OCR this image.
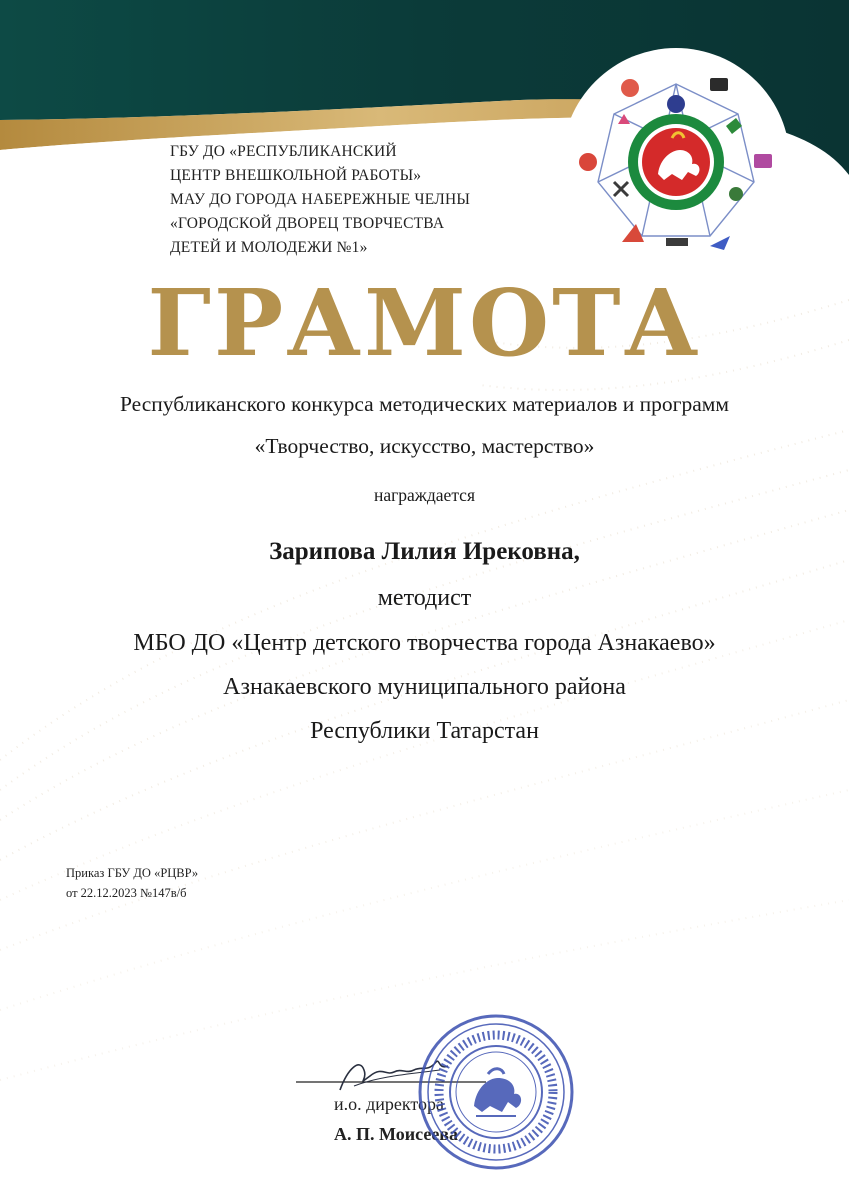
ГБУ ДО «РЕСПУБЛИКАНСКИЙ
ЦЕНТР ВНЕШКОЛЬНОЙ РАБОТЫ»
МАУ ДО ГОРОДА НАБЕРЕЖНЫЕ ЧЕЛНЫ
«ГОРОДСКОЙ ДВОРЕЦ ТВОРЧЕСТВА
ДЕТЕЙ И МОЛОДЕЖИ №1»
ГРАМОТА
Республиканского конкурса методических материалов и программ
«Творчество, искусство, мастерство»
награждается
Зарипова Лилия Ирековна,
методист
МБО ДО «Центр детского творчества города Азнакаево»
Азнакаевского муниципального района
Республики Татарстан
Приказ ГБУ ДО «РЦВР»
от 22.12.2023 №147в/б
и.о. директора
А. П. Моисеева
